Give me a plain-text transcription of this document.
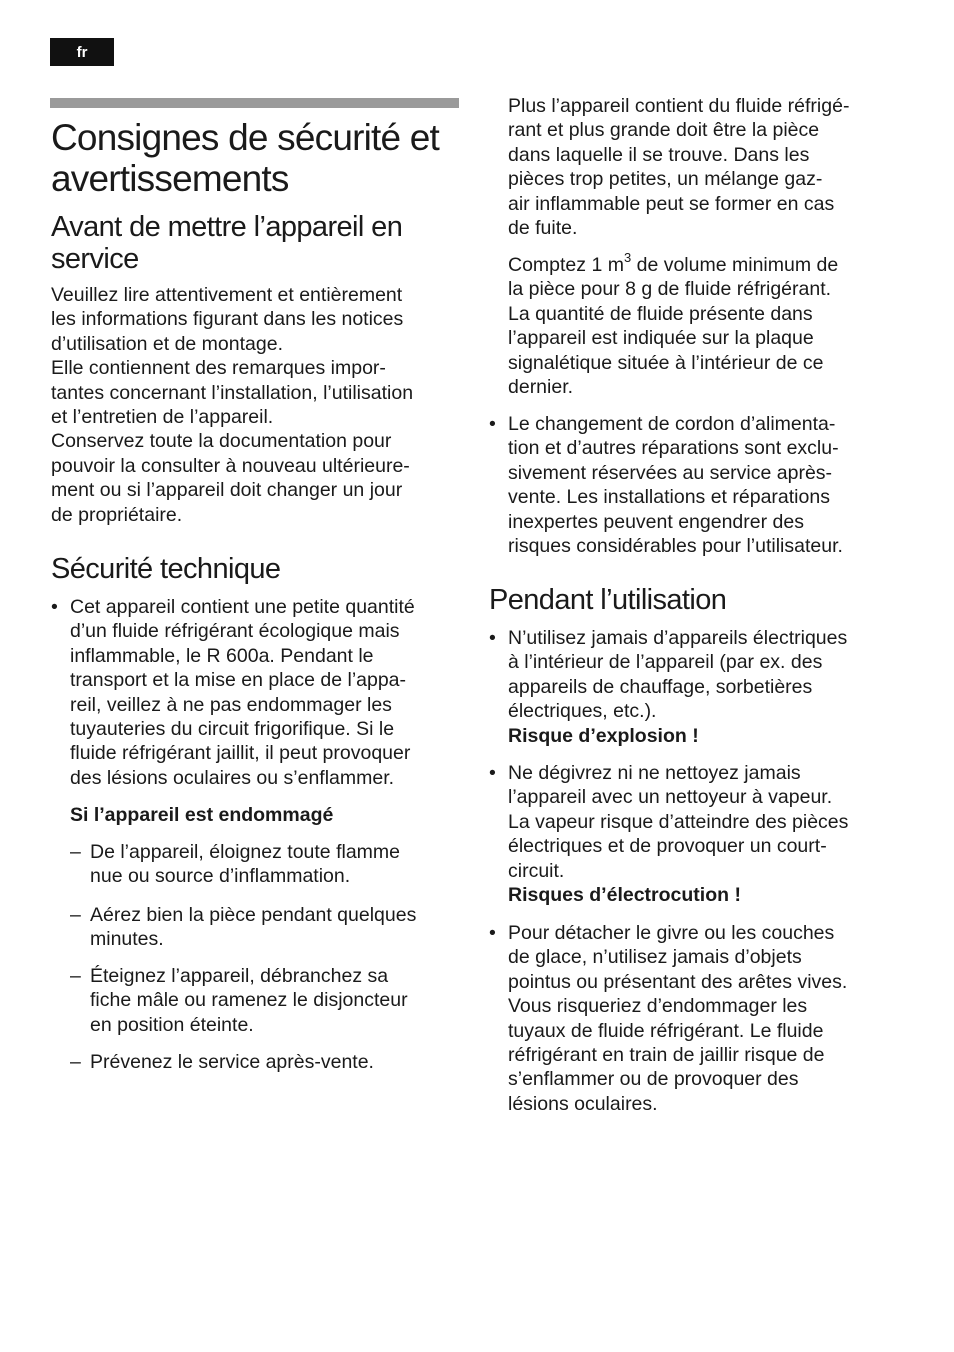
fr
Consignes de sécurité et avertissements
Avant de mettre l’appareil en service
Veuillez lire attentivement et entièrement
les informations figurant dans les notices
d’utilisation et de montage.
Elle contiennent des remarques impor-
tantes concernant l’installation, l’utilisation
et l’entretien de l’appareil.
Conservez toute la documentation pour
pouvoir la consulter à nouveau ultérieure-
ment ou si l’appareil doit changer un jour
de propriétaire.
Sécurité technique
• Cet appareil contient une petite quantité
d’un fluide réfrigérant écologique mais
inflammable, le R 600a. Pendant le
transport et la mise en place de l’appa-
reil, veillez à ne pas endommager les
tuyauteries du circuit frigorifique. Si le
fluide réfrigérant jaillit, il peut provoquer
des lésions oculaires ou s’enflammer.
Si l’appareil est endommagé
– De l’appareil, éloignez toute flamme
nue ou source d’inflammation.
– Aérez bien la pièce pendant quelques
minutes.
– Éteignez l’appareil, débranchez sa
fiche mâle ou ramenez le disjoncteur
en position éteinte.
– Prévenez le service après-vente.
Plus l’appareil contient du fluide réfrigé-
rant et plus grande doit être la pièce
dans laquelle il se trouve. Dans les
pièces trop petites, un mélange gaz-
air inflammable peut se former en cas
de fuite.
Comptez 1 $m^3$ de volume minimum de
la pièce pour 8 g de fluide réfrigérant.
La quantité de fluide présente dans
l’appareil est indiquée sur la plaque
signalétique située à l’intérieur de ce
dernier.
• Le changement de cordon d’alimenta-
tion et d’autres réparations sont exclu-
sivement réservées au service après-
vente. Les installations et réparations
inexpertes peuvent engendrer des
risques considérables pour l’utilisateur.
Pendant l’utilisation
• N’utilisez jamais d’appareils électriques
à l’intérieur de l’appareil (par ex. des
appareils de chauffage, sorbetières
électriques, etc.).
Risque d’explosion !
• Ne dégivrez ni ne nettoyez jamais
l’appareil avec un nettoyeur à vapeur.
La vapeur risque d’atteindre des pièces
électriques et de provoquer un court-
circuit.
Risques d’électrocution !
• Pour détacher le givre ou les couches
de glace, n’utilisez jamais d’objets
pointus ou présentant des arêtes vives.
Vous risqueriez d’endommager les
tuyaux de fluide réfrigérant. Le fluide
réfrigérant en train de jaillir risque de
s’enflammer ou de provoquer des
lésions oculaires.
